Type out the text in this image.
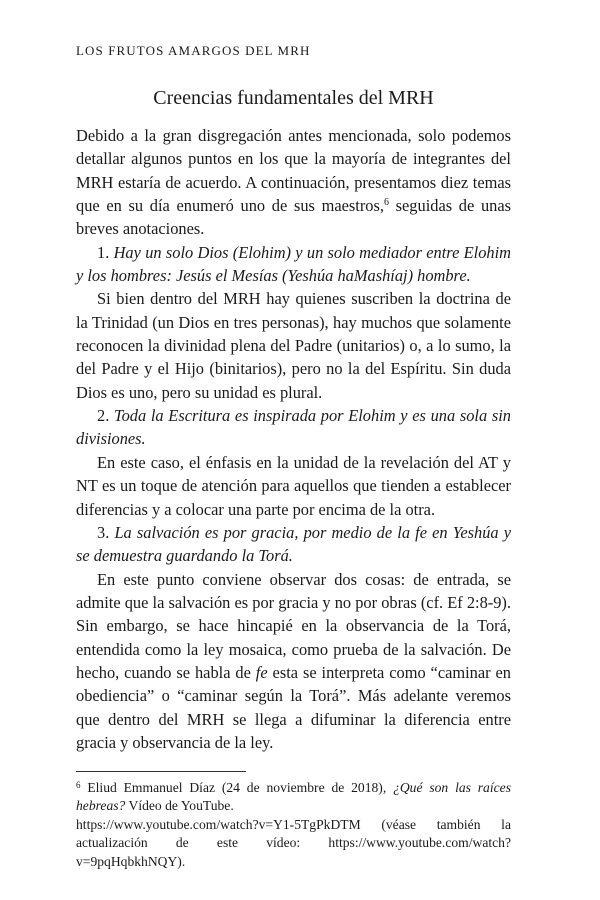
LOS FRUTOS AMARGOS DEL MRH
Creencias fundamentales del MRH

Debido a la gran disgregación antes mencionada, solo podemos detallar algunos puntos en los que la mayoría de integrantes del MRH estaría de acuerdo. A continuación, presentamos diez temas que en su día enumeró uno de sus maestros,$^6$ seguidas de unas breves anotaciones.

1. Hay un solo Dios (Elohim) y un solo mediador entre Elohim y los hombres: Jesús el Mesías (Yeshúa haMashíaj) hombre.

Si bien dentro del MRH hay quienes suscriben la doctrina de la Trinidad (un Dios en tres personas), hay muchos que solamente reconocen la divinidad plena del Padre (unitarios) o, a lo sumo, la del Padre y el Hijo (binitarios), pero no la del Espíritu. Sin duda Dios es uno, pero su unidad es plural.

2. Toda la Escritura es inspirada por Elohim y es una sola sin divisiones.

En este caso, el énfasis en la unidad de la revelación del AT y NT es un toque de atención para aquellos que tienden a establecer diferencias y a colocar una parte por encima de la otra.

3. La salvación es por gracia, por medio de la fe en Yeshúa y se demuestra guardando la Torá.

En este punto conviene observar dos cosas: de entrada, se admite que la salvación es por gracia y no por obras (cf. Ef 2:8-9). Sin embargo, se hace hincapié en la observancia de la Torá, entendida como la ley mosaica, como prueba de la salvación. De hecho, cuando se habla de fe esta se interpreta como “caminar en obediencia” o “caminar según la Torá”. Más adelante veremos que dentro del MRH se llega a difuminar la diferencia entre gracia y observancia de la ley.

$^6$ Eliud Emmanuel Díaz (24 de noviembre de 2018), ¿Qué son las raíces hebreas? Vídeo de YouTube.
https://www.youtube.com/watch?v=Y1-5TgPkDTM (véase también la actualización de este vídeo: https://www.youtube.com/watch?v=9pqHqbkhNQY).
